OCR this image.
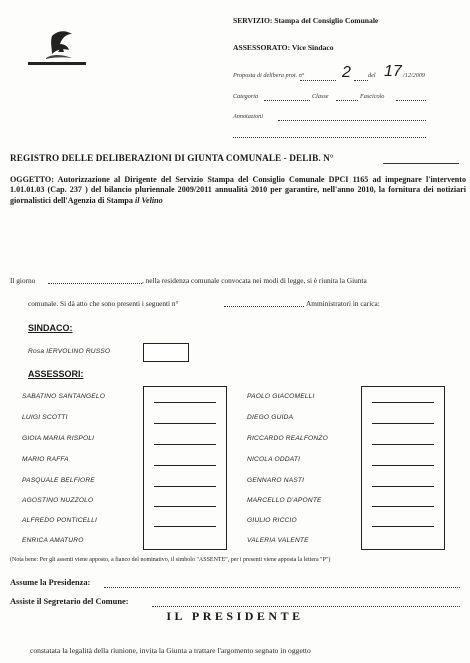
SERVIZIO: Stampa del Consiglio Comunale
ASSESSORATO: Vice Sindaco
Proposta di delibera prot. n° 2	del 17 /12/2009
Categoria	Classe	Fascicolo
Annotazioni
REGISTRO DELLE DELIBERAZIONI DI GIUNTA COMUNALE - DELIB. N°
OGGETTO: Autorizzazione al Dirigente del Servizio Stampa del Consiglio Comunale DPCI 1165 ad impegnare l'intervento 1.01.01.03 (Cap. 237 ) del bilancio pluriennale 2009/2011 annualità 2010 per garantire, nell'anno 2010, la fornitura dei notiziari giornalistici dell'Agenzia di Stampa il Velino
Il giorno	, nella residenza comunale convocata nei modi di legge, si è riunita la Giunta
comunale. Si dà atto che sono presenti i seguenti n°	Amministratori in carica:
SINDACO:
Rosa IERVOLINO RUSSO
ASSESSORI:
SABATINO SANTANGELO
LUIGI SCOTTI
GIOIA MARIA RISPOLI
MARIO RAFFA
PASQUALE BELFIORE
AGOSTINO NUZZOLO
ALFREDO PONTICELLI
ENRICA AMATURO
PAOLO GIACOMELLI
DIEGO GUIDA
RICCARDO REALFONZO
NICOLA ODDATI
GENNARO NASTI
MARCELLO D'APONTE
GIULIO RICCIO
VALERIA VALENTE
(Nota bene: Per gli assenti viene apposto, a fianco del nominativo, il simbolo "ASSENTE", per i presenti viene apposta la lettera "P")
Assume la Presidenza:
Assiste il Segretario del Comune:
IL PRESIDENTE
constatata la legalità della riunione, invita la Giunta a trattare l'argomento segnato in oggetto
